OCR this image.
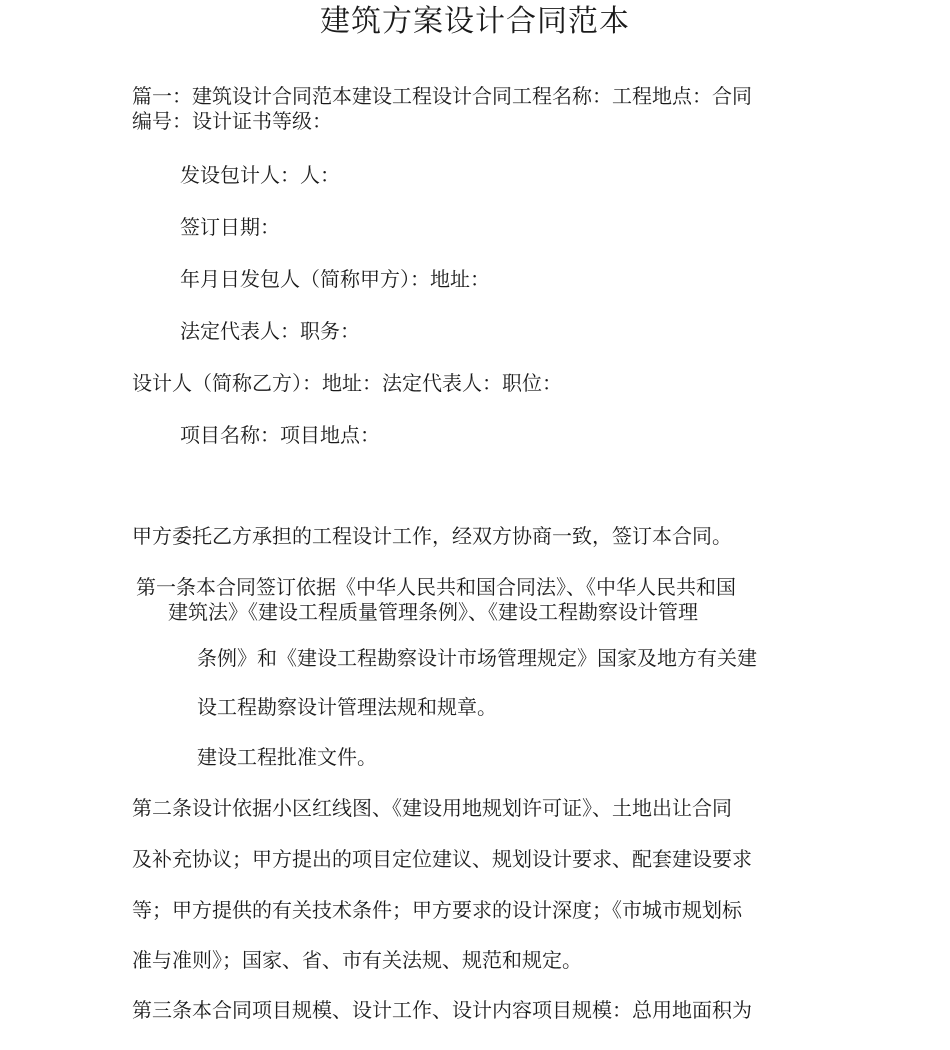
建筑方案设计合同范本
篇一：建筑设计合同范本建设工程设计合同工程名称：工程地点：合同
编号：设计证书等级：
发设包计人：人：
签订日期：
年月日发包人（简称甲方）：地址：
法定代表人：职务：
设计人（简称乙方）：地址：法定代表人：职位：
项目名称：项目地点：
甲方委托乙方承担的工程设计工作，经双方协商一致，签订本合同。
第一条本合同签订依据《中华人民共和国合同法》、《中华人民共和国
建筑法》《建设工程质量管理条例》、《建设工程勘察设计管理
条例》和《建设工程勘察设计市场管理规定》国家及地方有关建
设工程勘察设计管理法规和规章。
建设工程批准文件。
第二条设计依据小区红线图、《建设用地规划许可证》、土地出让合同
及补充协议；甲方提出的项目定位建议、规划设计要求、配套建设要求
等；甲方提供的有关技术条件；甲方要求的设计深度；《市城市规划标
准与准则》；国家、省、市有关法规、规范和规定。
第三条本合同项目规模、设计工作、设计内容项目规模：总用地面积为
